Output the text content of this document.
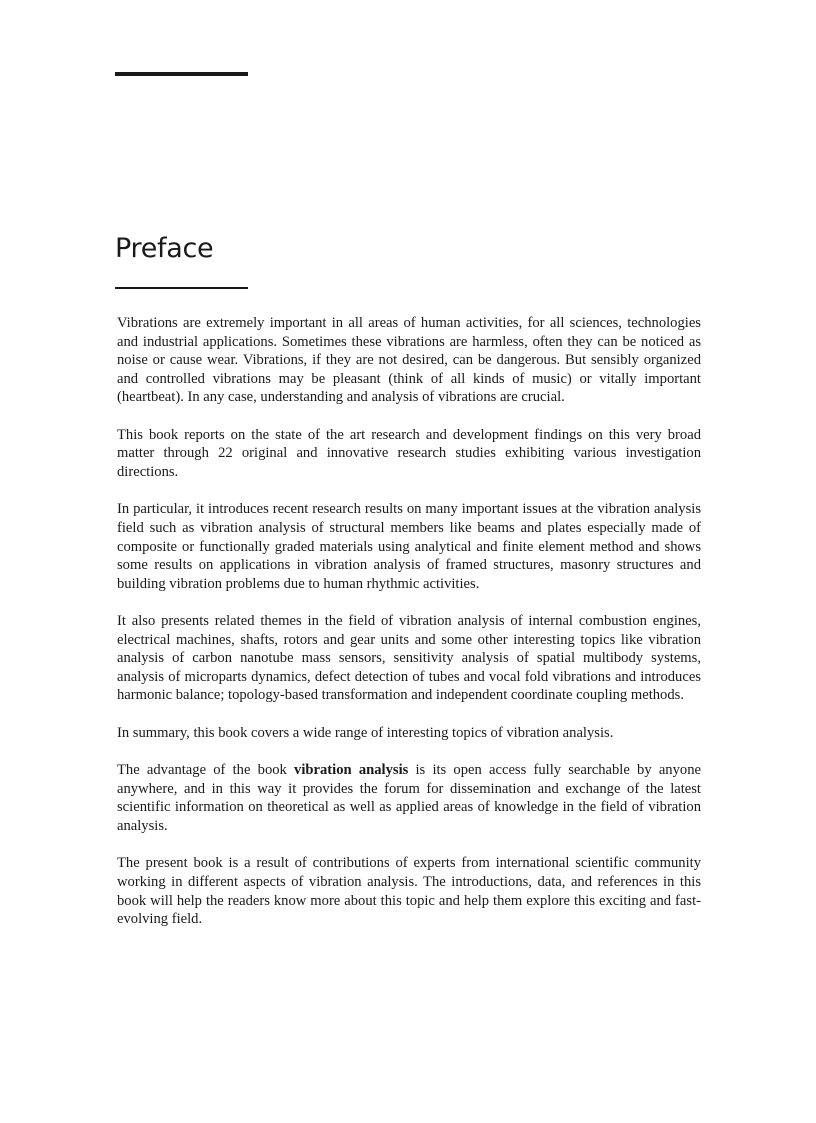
Preface

Vibrations are extremely important in all areas of human activities, for all sciences, technologies and industrial applications. Sometimes these vibrations are harmless, often they can be noticed as noise or cause wear. Vibrations, if they are not desired, can be dangerous. But sensibly organized and controlled vibrations may be pleasant (think of all kinds of music) or vitally important (heartbeat). In any case, understanding and analysis of vibrations are crucial.

This book reports on the state of the art research and development findings on this very broad matter through 22 original and innovative research studies exhibiting various investigation directions.

In particular, it introduces recent research results on many important issues at the vibration analysis field such as vibration analysis of structural members like beams and plates especially made of composite or functionally graded materials using analytical and finite element method and shows some results on applications in vibration analysis of framed structures, masonry structures and building vibration problems due to human rhythmic activities.

It also presents related themes in the field of vibration analysis of internal combustion engines, electrical machines, shafts, rotors and gear units and some other interesting topics like vibration analysis of carbon nanotube mass sensors, sensitivity analysis of spatial multibody systems, analysis of microparts dynamics, defect detection of tubes and vocal fold vibrations and introduces harmonic balance; topology-based transformation and independent coordinate coupling methods.

In summary, this book covers a wide range of interesting topics of vibration analysis.

The advantage of the book vibration analysis is its open access fully searchable by anyone anywhere, and in this way it provides the forum for dissemination and exchange of the latest scientific information on theoretical as well as applied areas of knowledge in the field of vibration analysis.

The present book is a result of contributions of experts from international scientific community working in different aspects of vibration analysis. The introductions, data, and references in this book will help the readers know more about this topic and help them explore this exciting and fast-evolving field.
